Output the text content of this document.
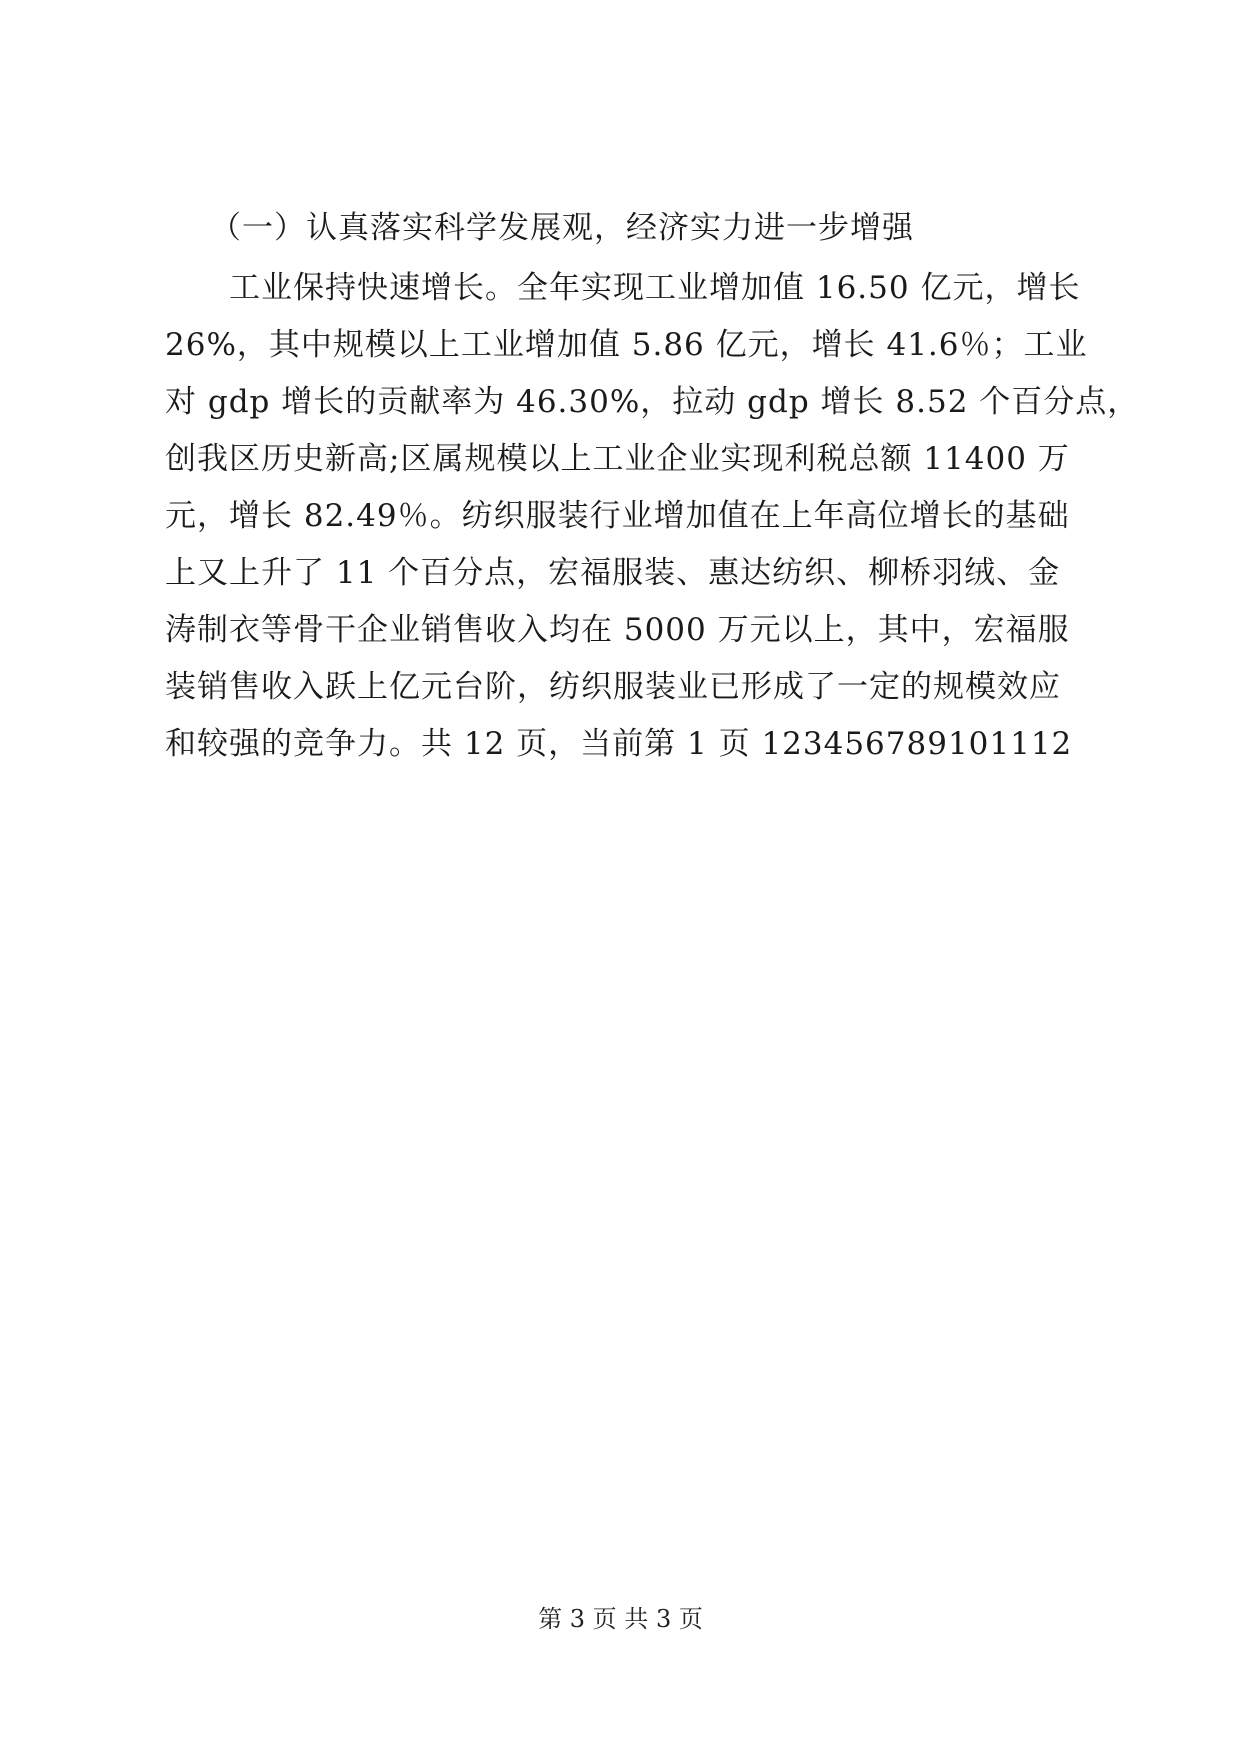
（一）认真落实科学发展观，经济实力进一步增强
　　工业保持快速增长。全年实现工业增加值 16.50 亿元，增长
26%，其中规模以上工业增加值 5.86 亿元，增长 41.6％；工业
对 gdp 增长的贡献率为 46.30%，拉动 gdp 增长 8.52 个百分点，
创我区历史新高;区属规模以上工业企业实现利税总额 11400 万
元，增长 82.49％。纺织服装行业增加值在上年高位增长的基础
上又上升了 11 个百分点，宏福服装、惠达纺织、柳桥羽绒、金
涛制衣等骨干企业销售收入均在 5000 万元以上，其中，宏福服
装销售收入跃上亿元台阶，纺织服装业已形成了一定的规模效应
和较强的竞争力。共 12 页，当前第 1 页 123456789101112
第 3 页 共 3 页
